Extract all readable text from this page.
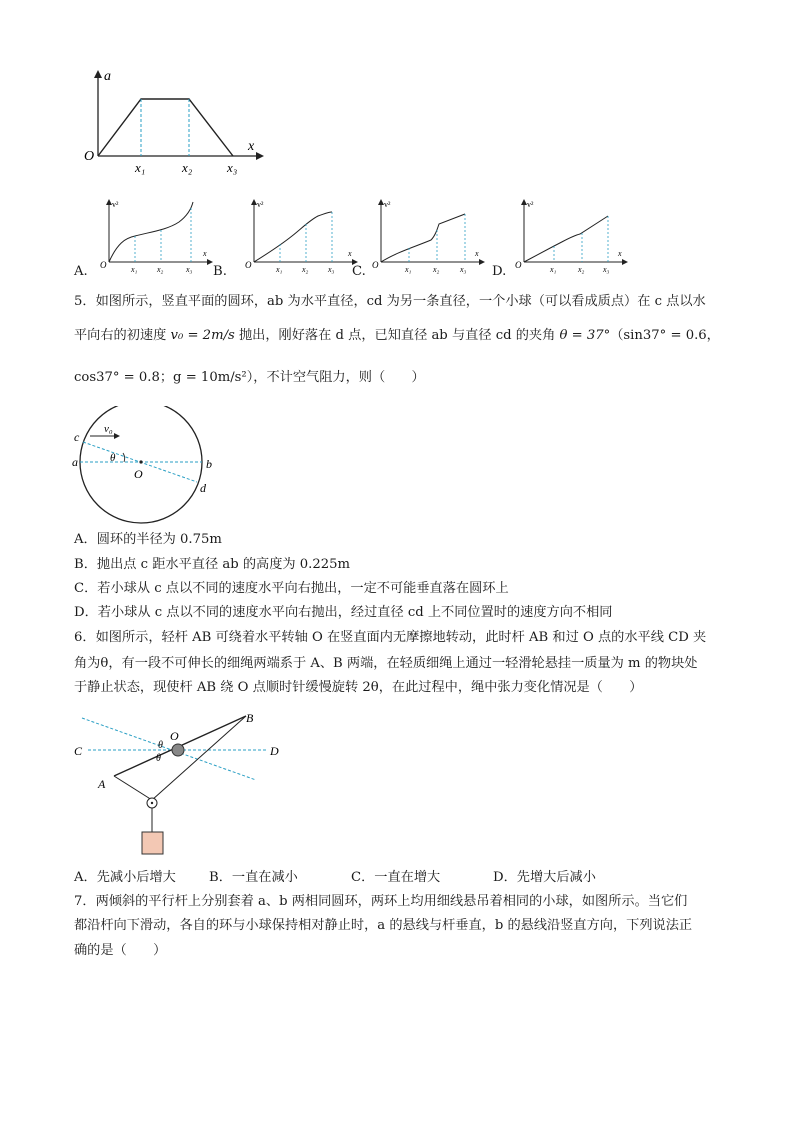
a
x
O
x₁	x₂	x₃
v²
x
O	x₁ x₂	x₃
A.
v²
x
O	x₁ x₂ x₃
B.
v²
x
O	x₁	x₂	x₃
C.
v²
x
O	x₁	x₂ x₃
D.
5．如图所示，竖直平面的圆环，ab 为水平直径，cd 为另一条直径，一个小球（可以看成质点）在 c 点以水
平向右的初速度 v₀ = 2m/s 抛出，刚好落在 d 点，已知直径 ab 与直径 cd 的夹角 θ = 37°（sin37° = 0.6，
cos37° = 0.8；g = 10m/s²），不计空气阻力，则（　　）
v₀
c
a	θ
O
b
d
A．圆环的半径为 0.75m
B．抛出点 c 距水平直径 ab 的高度为 0.225m
C．若小球从 c 点以不同的速度水平向右抛出，一定不可能垂直落在圆环上
D．若小球从 c 点以不同的速度水平向右抛出，经过直径 cd 上不同位置时的速度方向不相同
6．如图所示，轻杆 AB 可绕着水平转轴 O 在竖直面内无摩擦地转动，此时杆 AB 和过 O 点的水平线 CD 夹
角为θ，有一段不可伸长的细绳两端系于 A、B 两端，在轻质细绳上通过一轻滑轮悬挂一质量为 m 的物块处
于静止状态，现使杆 AB 绕 O 点顺时针缓慢旋转 2θ，在此过程中，绳中张力变化情况是（　　）
C	D
O
B
A
θ
θ
A．先减小后增大	B．一直在减小	C．一直在增大	D．先增大后减小
7．两倾斜的平行杆上分别套着 a、b 两相同圆环，两环上均用细线悬吊着相同的小球，如图所示。当它们
都沿杆向下滑动，各自的环与小球保持相对静止时，a 的悬线与杆垂直，b 的悬线沿竖直方向，下列说法正
确的是（　　）
